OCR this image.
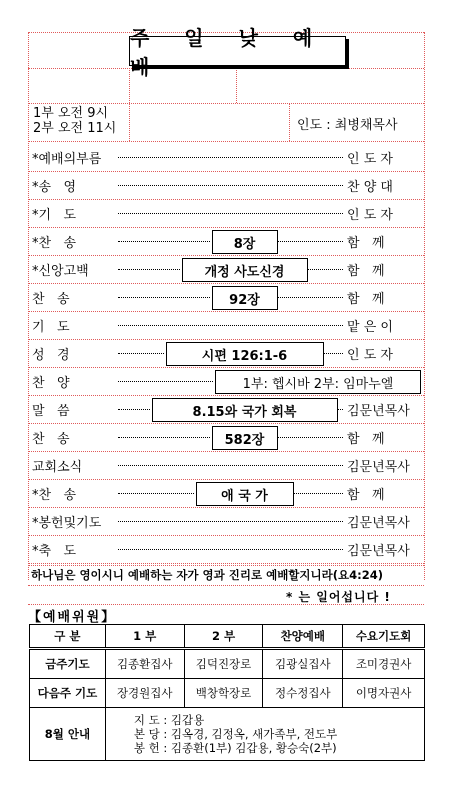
주 일 낮 예 배
1부 오전 9시
2부 오전 11시	인도 : 최병채목사
*예배의부름	인 도 자
*송   영	찬 양 대
*기   도	인 도 자
*찬   송	8장	함   께
*신앙고백	개정 사도신경	함   께
찬   송	92장	함   께
기   도	맡 은 이
성   경	시편 126:1-6	인 도 자
찬   양	1부: 헵시바 2부: 임마누엘
말   씀	8.15와 국가 회복	김문년목사
찬   송	582장	함   께
교회소식	김문년목사
*찬   송	애 국 가	함   께
*봉헌및기도	김문년목사
*축   도	김문년목사
하나님은 영이시니 예배하는 자가 영과 진리로 예배할지니라(요4:24)
* 는 일어섭니다 !
【예배위원】
구 분	1 부	2 부	찬양예배	수요기도회
금주기도	김종환집사	김덕진장로	김광실집사	조미경권사
다음주 기도	장경원집사	백창학장로	정수정집사	이명자권사
8월 안내	지 도 : 김갑용
본 당 : 김옥경, 김정옥, 새가족부, 전도부
봉 헌 : 김종환(1부) 김갑용, 황승숙(2부)			
